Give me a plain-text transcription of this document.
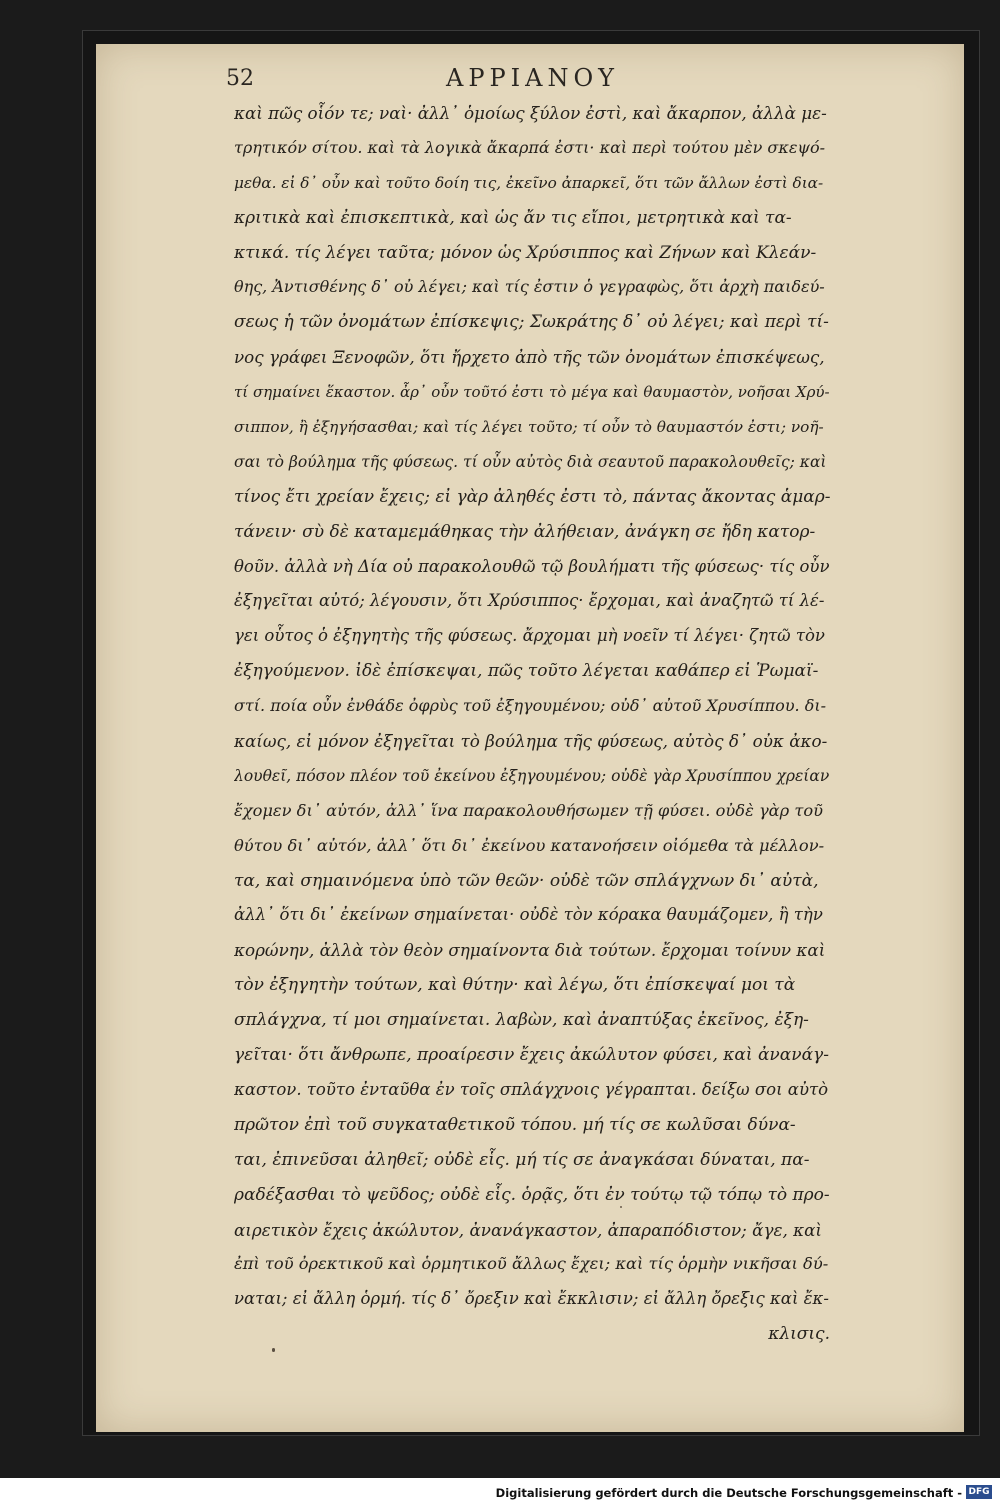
52	ΑΡΡΙΑΝΟΥ
καὶ πῶς οἷόν τε; ναὶ· ἀλλ᾽ ὁμοίως ξύλον ἐστὶ, καὶ ἄκαρπον, ἀλλὰ με-
τρητικόν σίτου. καὶ τὰ λογικὰ ἄκαρπά ἐστι· καὶ περὶ τούτου μὲν σκεψό-
μεθα. εἰ δ᾽ οὖν καὶ τοῦτο δοίη τις, ἐκεῖνο ἀπαρκεῖ, ὅτι τῶν ἄλλων ἐστὶ δια-
κριτικὰ καὶ ἐπισκεπτικὰ, καὶ ὡς ἄν τις εἴποι, μετρητικὰ καὶ τα-
κτικά. τίς λέγει ταῦτα; μόνον ὡς Χρύσιππος καὶ Ζήνων καὶ Κλεάν-
θης, Ἀντισθένης δ᾽ οὐ λέγει; καὶ τίς ἐστιν ὁ γεγραφὼς, ὅτι ἀρχὴ παιδεύ-
σεως ἡ τῶν ὀνομάτων ἐπίσκεψις; Σωκράτης δ᾽ οὐ λέγει; καὶ περὶ τί-
νος γράφει Ξενοφῶν, ὅτι ἤρχετο ἀπὸ τῆς τῶν ὀνομάτων ἐπισκέψεως,
τί σημαίνει ἕκαστον. ἆρ᾽ οὖν τοῦτό ἐστι τὸ μέγα καὶ θαυμαστὸν, νοῆσαι Χρύ-
σιππον, ἢ ἐξηγήσασθαι; καὶ τίς λέγει τοῦτο; τί οὖν τὸ θαυμαστόν ἐστι; νοῆ-
σαι τὸ βούλημα τῆς φύσεως. τί οὖν αὐτὸς διὰ σεαυτοῦ παρακολουθεῖς; καὶ
τίνος ἔτι χρείαν ἔχεις; εἰ γὰρ ἀληθές ἐστι τὸ, πάντας ἄκοντας ἁμαρ-
τάνειν· σὺ δὲ καταμεμάθηκας τὴν ἀλήθειαν, ἀνάγκη σε ἤδη κατορ-
θοῦν. ἀλλὰ νὴ Δία οὐ παρακολουθῶ τῷ βουλήματι τῆς φύσεως· τίς οὖν
ἐξηγεῖται αὐτό; λέγουσιν, ὅτι Χρύσιππος· ἔρχομαι, καὶ ἀναζητῶ τί λέ-
γει οὗτος ὁ ἐξηγητὴς τῆς φύσεως. ἄρχομαι μὴ νοεῖν τί λέγει· ζητῶ τὸν
ἐξηγούμενον. ἰδὲ ἐπίσκεψαι, πῶς τοῦτο λέγεται καθάπερ εἰ Ῥωμαϊ-
στί. ποία οὖν ἐνθάδε ὀφρὺς τοῦ ἐξηγουμένου; οὐδ᾽ αὐτοῦ Χρυσίππου. δι-
καίως, εἰ μόνον ἐξηγεῖται τὸ βούλημα τῆς φύσεως, αὐτὸς δ᾽ οὐκ ἀκο-
λουθεῖ, πόσον πλέον τοῦ ἐκείνου ἐξηγουμένου; οὐδὲ γὰρ Χρυσίππου χρείαν
ἔχομεν δι᾽ αὐτόν, ἀλλ᾽ ἵνα παρακολουθήσωμεν τῇ φύσει. οὐδὲ γὰρ τοῦ
θύτου δι᾽ αὐτόν, ἀλλ᾽ ὅτι δι᾽ ἐκείνου κατανοήσειν οἰόμεθα τὰ μέλλον-
τα, καὶ σημαινόμενα ὑπὸ τῶν θεῶν· οὐδὲ τῶν σπλάγχνων δι᾽ αὐτὰ,
ἀλλ᾽ ὅτι δι᾽ ἐκείνων σημαίνεται· οὐδὲ τὸν κόρακα θαυμάζομεν, ἢ τὴν
κορώνην, ἀλλὰ τὸν θεὸν σημαίνοντα διὰ τούτων. ἔρχομαι τοίνυν καὶ
τὸν ἐξηγητὴν τούτων, καὶ θύτην· καὶ λέγω, ὅτι ἐπίσκεψαί μοι τὰ
σπλάγχνα, τί μοι σημαίνεται. λαβὼν, καὶ ἀναπτύξας ἐκεῖνος, ἐξη-
γεῖται· ὅτι ἄνθρωπε, προαίρεσιν ἔχεις ἀκώλυτον φύσει, καὶ ἀνανάγ-
καστον. τοῦτο ἐνταῦθα ἐν τοῖς σπλάγχνοις γέγραπται. δείξω σοι αὐτὸ
πρῶτον ἐπὶ τοῦ συγκαταθετικοῦ τόπου. μή τίς σε κωλῦσαι δύνα-
ται, ἐπινεῦσαι ἀληθεῖ; οὐδὲ εἷς. μή τίς σε ἀναγκάσαι δύναται, πα-
ραδέξασθαι τὸ ψεῦδος; οὐδὲ εἷς. ὁρᾷς, ὅτι ἐν τούτῳ τῷ τόπῳ τὸ προ-
αιρετικὸν ἔχεις ἀκώλυτον, ἀνανάγκαστον, ἀπαραπόδιστον; ἄγε, καὶ
ἐπὶ τοῦ ὀρεκτικοῦ καὶ ὁρμητικοῦ ἄλλως ἔχει; καὶ τίς ὁρμὴν νικῆσαι δύ-
ναται; εἰ ἄλλη ὁρμή. τίς δ᾽ ὄρεξιν καὶ ἔκκλισιν; εἰ ἄλλη ὄρεξις καὶ ἔκ-
κλισις.
Digitalisierung gefördert durch die Deutsche Forschungsgemeinschaft - DFG
